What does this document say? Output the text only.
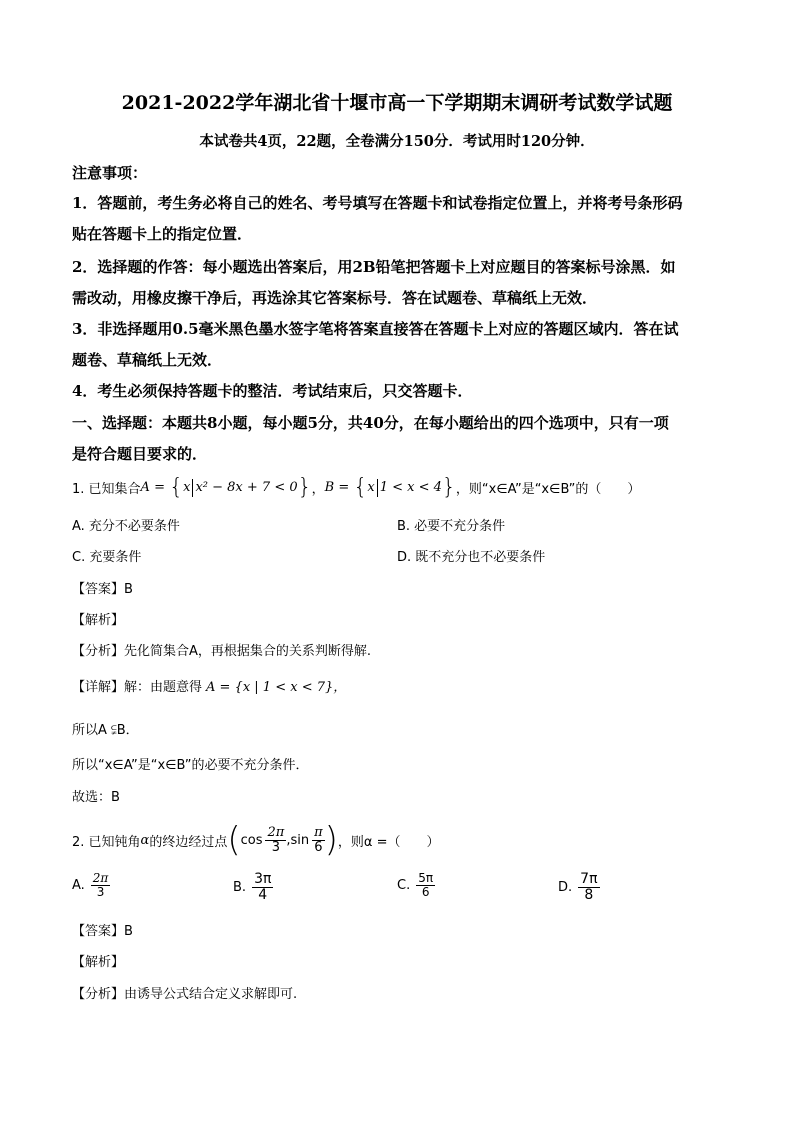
2021-2022学年湖北省十堰市高一下学期期末调研考试数学试题
本试卷共4页，22题，全卷满分150分．考试用时120分钟．
注意事项：
1．答题前，考生务必将自己的姓名、考号填写在答题卡和试卷指定位置上，并将考号条形码
贴在答题卡上的指定位置．
2．选择题的作答：每小题选出答案后，用2B铅笔把答题卡上对应题目的答案标号涂黑．如
需改动，用橡皮擦干净后，再选涂其它答案标号．答在试题卷、草稿纸上无效．
3．非选择题用0.5毫米黑色墨水签字笔将答案直接答在答题卡上对应的答题区域内．答在试
题卷、草稿纸上无效．
4．考生必须保持答题卡的整洁．考试结束后，只交答题卡．
一、选择题：本题共8小题，每小题5分，共40分，在每小题给出的四个选项中，只有一项
是符合题目要求的．
1. 已知集合 A = { x x² − 8x + 7 < 0 } ， B = { x 1 < x < 4 } ，则“x∈A”是“x∈B”的（　　）
A. 充分不必要条件	B. 必要不充分条件
C. 充要条件	D. 既不充分也不必要条件
【答案】B
【解析】
【分析】先化简集合A，再根据集合的关系判断得解.
【详解】解：由题意得 A = {x | 1 < x < 7}，
所以A ⫋B．
所以“x∈A”是“x∈B”的必要不充分条件．
故选：B
2. 已知钝角 α 的终边经过点 ( $\cos \frac{2\pi}{3}$ , $\sin \frac{\pi}{6}$ ) ，则α =（　　）
A. $\frac{2\pi}{3}$	B. $\frac{3\pi}{4}$	C. $\frac{5\pi}{6}$	D. $\frac{7\pi}{8}$
【答案】B
【解析】
【分析】由诱导公式结合定义求解即可.
